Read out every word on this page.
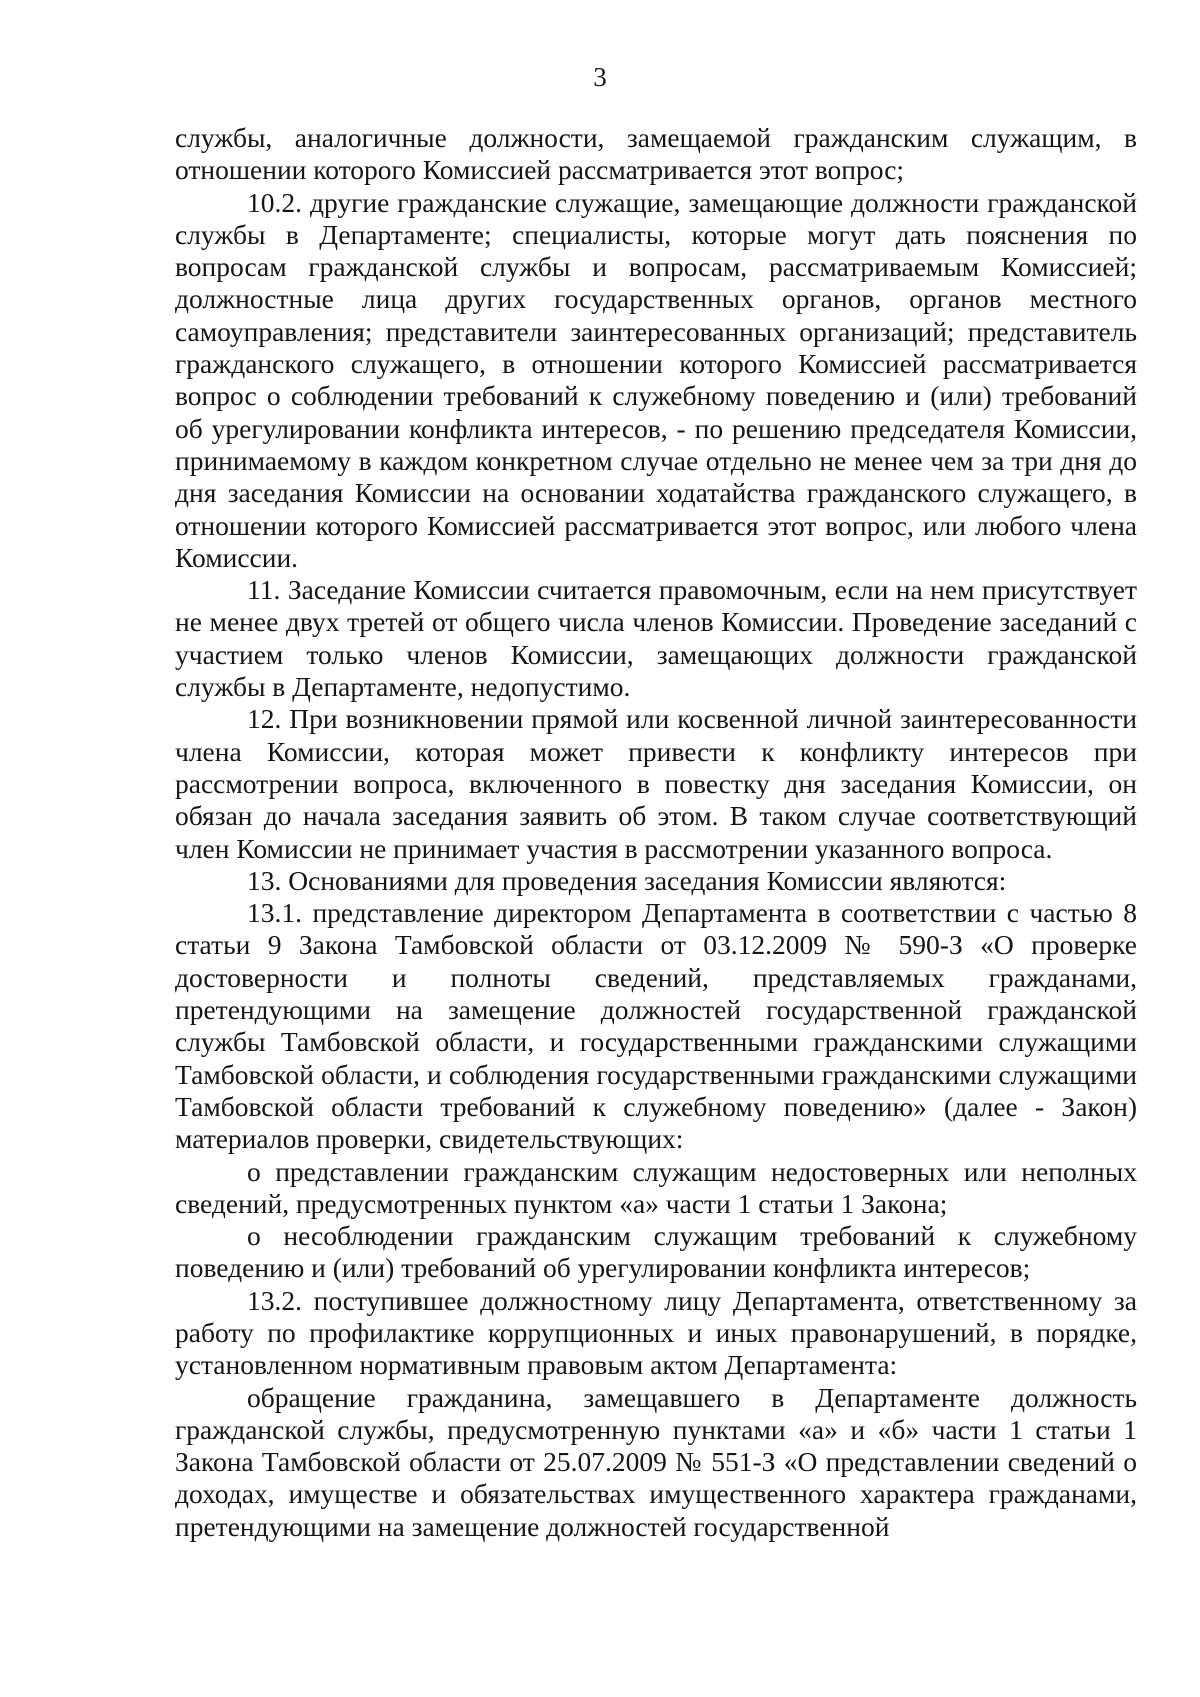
3

службы, аналогичные должности, замещаемой гражданским служащим, в отношении которого Комиссией рассматривается этот вопрос;

10.2. другие гражданские служащие, замещающие должности гражданской службы в Департаменте; специалисты, которые могут дать пояснения по вопросам гражданской службы и вопросам, рассматриваемым Комиссией; должностные лица других государственных органов, органов местного самоуправления; представители заинтересованных организаций; представитель гражданского служащего, в отношении которого Комиссией рассматривается вопрос о соблюдении требований к служебному поведению и (или) требований об урегулировании конфликта интересов, - по решению председателя Комиссии, принимаемому в каждом конкретном случае отдельно не менее чем за три дня до дня заседания Комиссии на основании ходатайства гражданского служащего, в отношении которого Комиссией рассматривается этот вопрос, или любого члена Комиссии.

11. Заседание Комиссии считается правомочным, если на нем присутствует не менее двух третей от общего числа членов Комиссии. Проведение заседаний с участием только членов Комиссии, замещающих должности гражданской службы в Департаменте, недопустимо.

12. При возникновении прямой или косвенной личной заинтересованности члена Комиссии, которая может привести к конфликту интересов при рассмотрении вопроса, включенного в повестку дня заседания Комиссии, он обязан до начала заседания заявить об этом. В таком случае соответствующий член Комиссии не принимает участия в рассмотрении указанного вопроса.

13. Основаниями для проведения заседания Комиссии являются:

13.1. представление директором Департамента в соответствии с частью 8 статьи 9 Закона Тамбовской области от 03.12.2009 № 590-З «О проверке достоверности и полноты сведений, представляемых гражданами, претендующими на замещение должностей государственной гражданской службы Тамбовской области, и государственными гражданскими служащими Тамбовской области, и соблюдения государственными гражданскими служащими Тамбовской области требований к служебному поведению» (далее - Закон) материалов проверки, свидетельствующих:

о представлении гражданским служащим недостоверных или неполных сведений, предусмотренных пунктом «а» части 1 статьи 1 Закона;

о несоблюдении гражданским служащим требований к служебному поведению и (или) требований об урегулировании конфликта интересов;

13.2. поступившее должностному лицу Департамента, ответственному за работу по профилактике коррупционных и иных правонарушений, в порядке, установленном нормативным правовым актом Департамента:

обращение гражданина, замещавшего в Департаменте должность гражданской службы, предусмотренную пунктами «а» и «б» части 1 статьи 1 Закона Тамбовской области от 25.07.2009 № 551-З «О представлении сведений о доходах, имуществе и обязательствах имущественного характера гражданами, претендующими на замещение должностей государственной
